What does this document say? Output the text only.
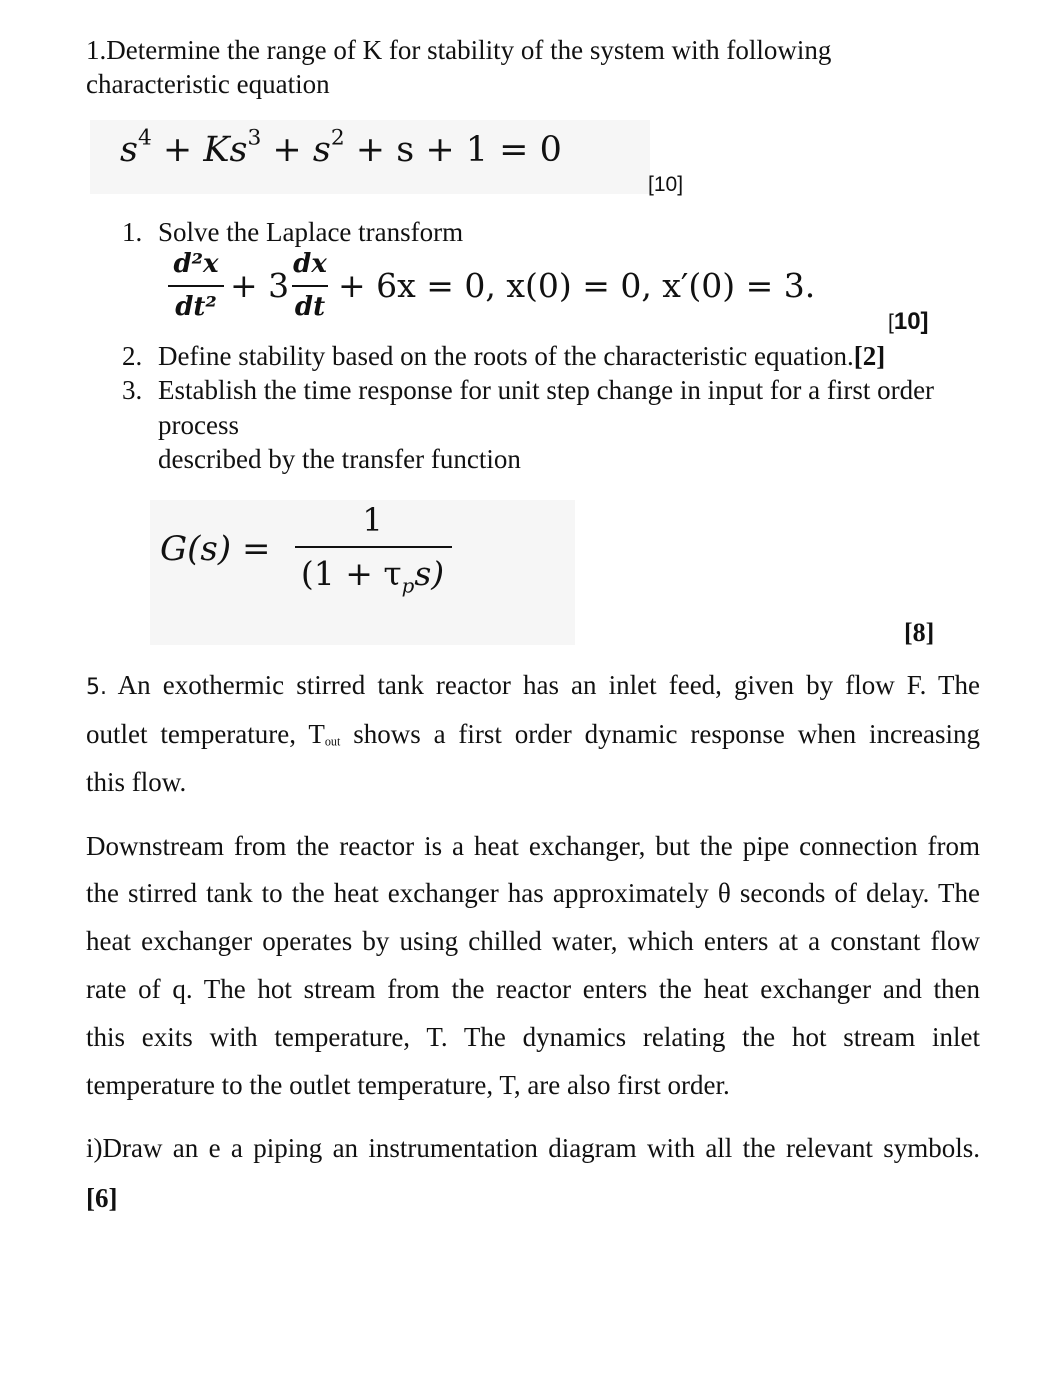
1.Determine the range of K for stability of the system with following
characteristic equation
$s^4 + Ks^3 + s^2 + s + 1 = 0$
[10]
1. Solve the Laplace transform
d²x
dt²
+ 3
dx
dt
+ 6x = 0, x(0) = 0, x′(0) = 3.
[10]
2. Define stability based on the roots of the characteristic equation.[2]
3. Establish the time response for unit step change in input for a first order
process
described by the transfer function
G(s) =
1
$(1 + \tau_ps)$
[8]
5. An exothermic stirred tank reactor has an inlet feed, given by flow F. The
outlet temperature, $T_{out}$ shows a first order dynamic response when increasing
this flow.
Downstream from the reactor is a heat exchanger, but the pipe connection from
the stirred tank to the heat exchanger has approximately θ seconds of delay. The
heat exchanger operates by using chilled water, which enters at a constant flow
rate of q. The hot stream from the reactor enters the heat exchanger and then
this exits with temperature, T. The dynamics relating the hot stream inlet
temperature to the outlet temperature, T, are also first order.
i)Draw an e a piping an instrumentation diagram with all the relevant symbols.
[6]
